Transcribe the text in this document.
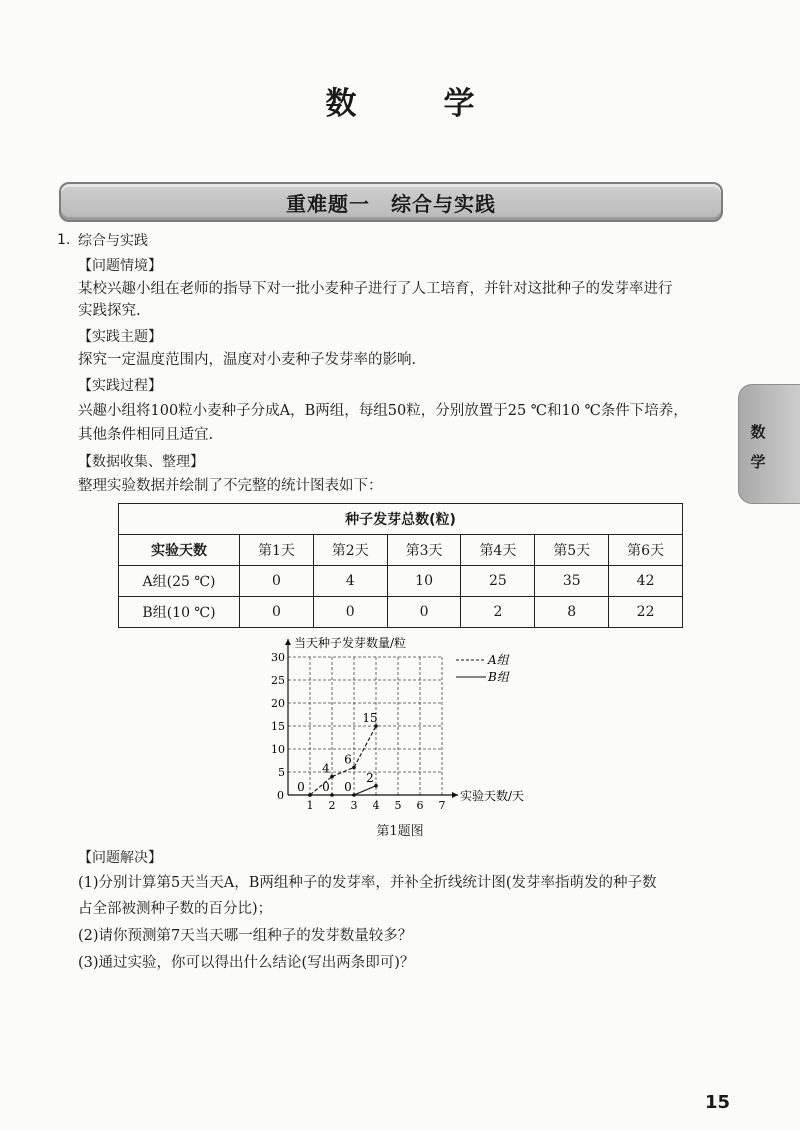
数　学
重难题一　综合与实践
数
学
1. 综合与实践
【问题情境】
某校兴趣小组在老师的指导下对一批小麦种子进行了人工培育，并针对这批种子的发芽率进行
实践探究.
【实践主题】
探究一定温度范围内，温度对小麦种子发芽率的影响.
【实践过程】
兴趣小组将100粒小麦种子分成A，B两组，每组50粒，分别放置于25 ℃和10 ℃条件下培养，
其他条件相同且适宜.
【数据收集、整理】
整理实验数据并绘制了不完整的统计图表如下：
种子发芽总数(粒)						
实验天数	第1天	第2天	第3天	第4天	第5天	第6天
A组(25 ℃)	0	4	10	25	35	42
B组(10 ℃)	0	0	0	2	8	22
5
10
15
20
25
30
1 2 3 4 5 6 7
0
当天种子发芽数量/粒
实验天数/天
A组
B组
0
4
6
15
0 0
2
第1题图
【问题解决】
(1)分别计算第5天当天A，B两组种子的发芽率，并补全折线统计图(发芽率指萌发的种子数
占全部被测种子数的百分比)；
(2)请你预测第7天当天哪一组种子的发芽数量较多？
(3)通过实验，你可以得出什么结论(写出两条即可)？
15
